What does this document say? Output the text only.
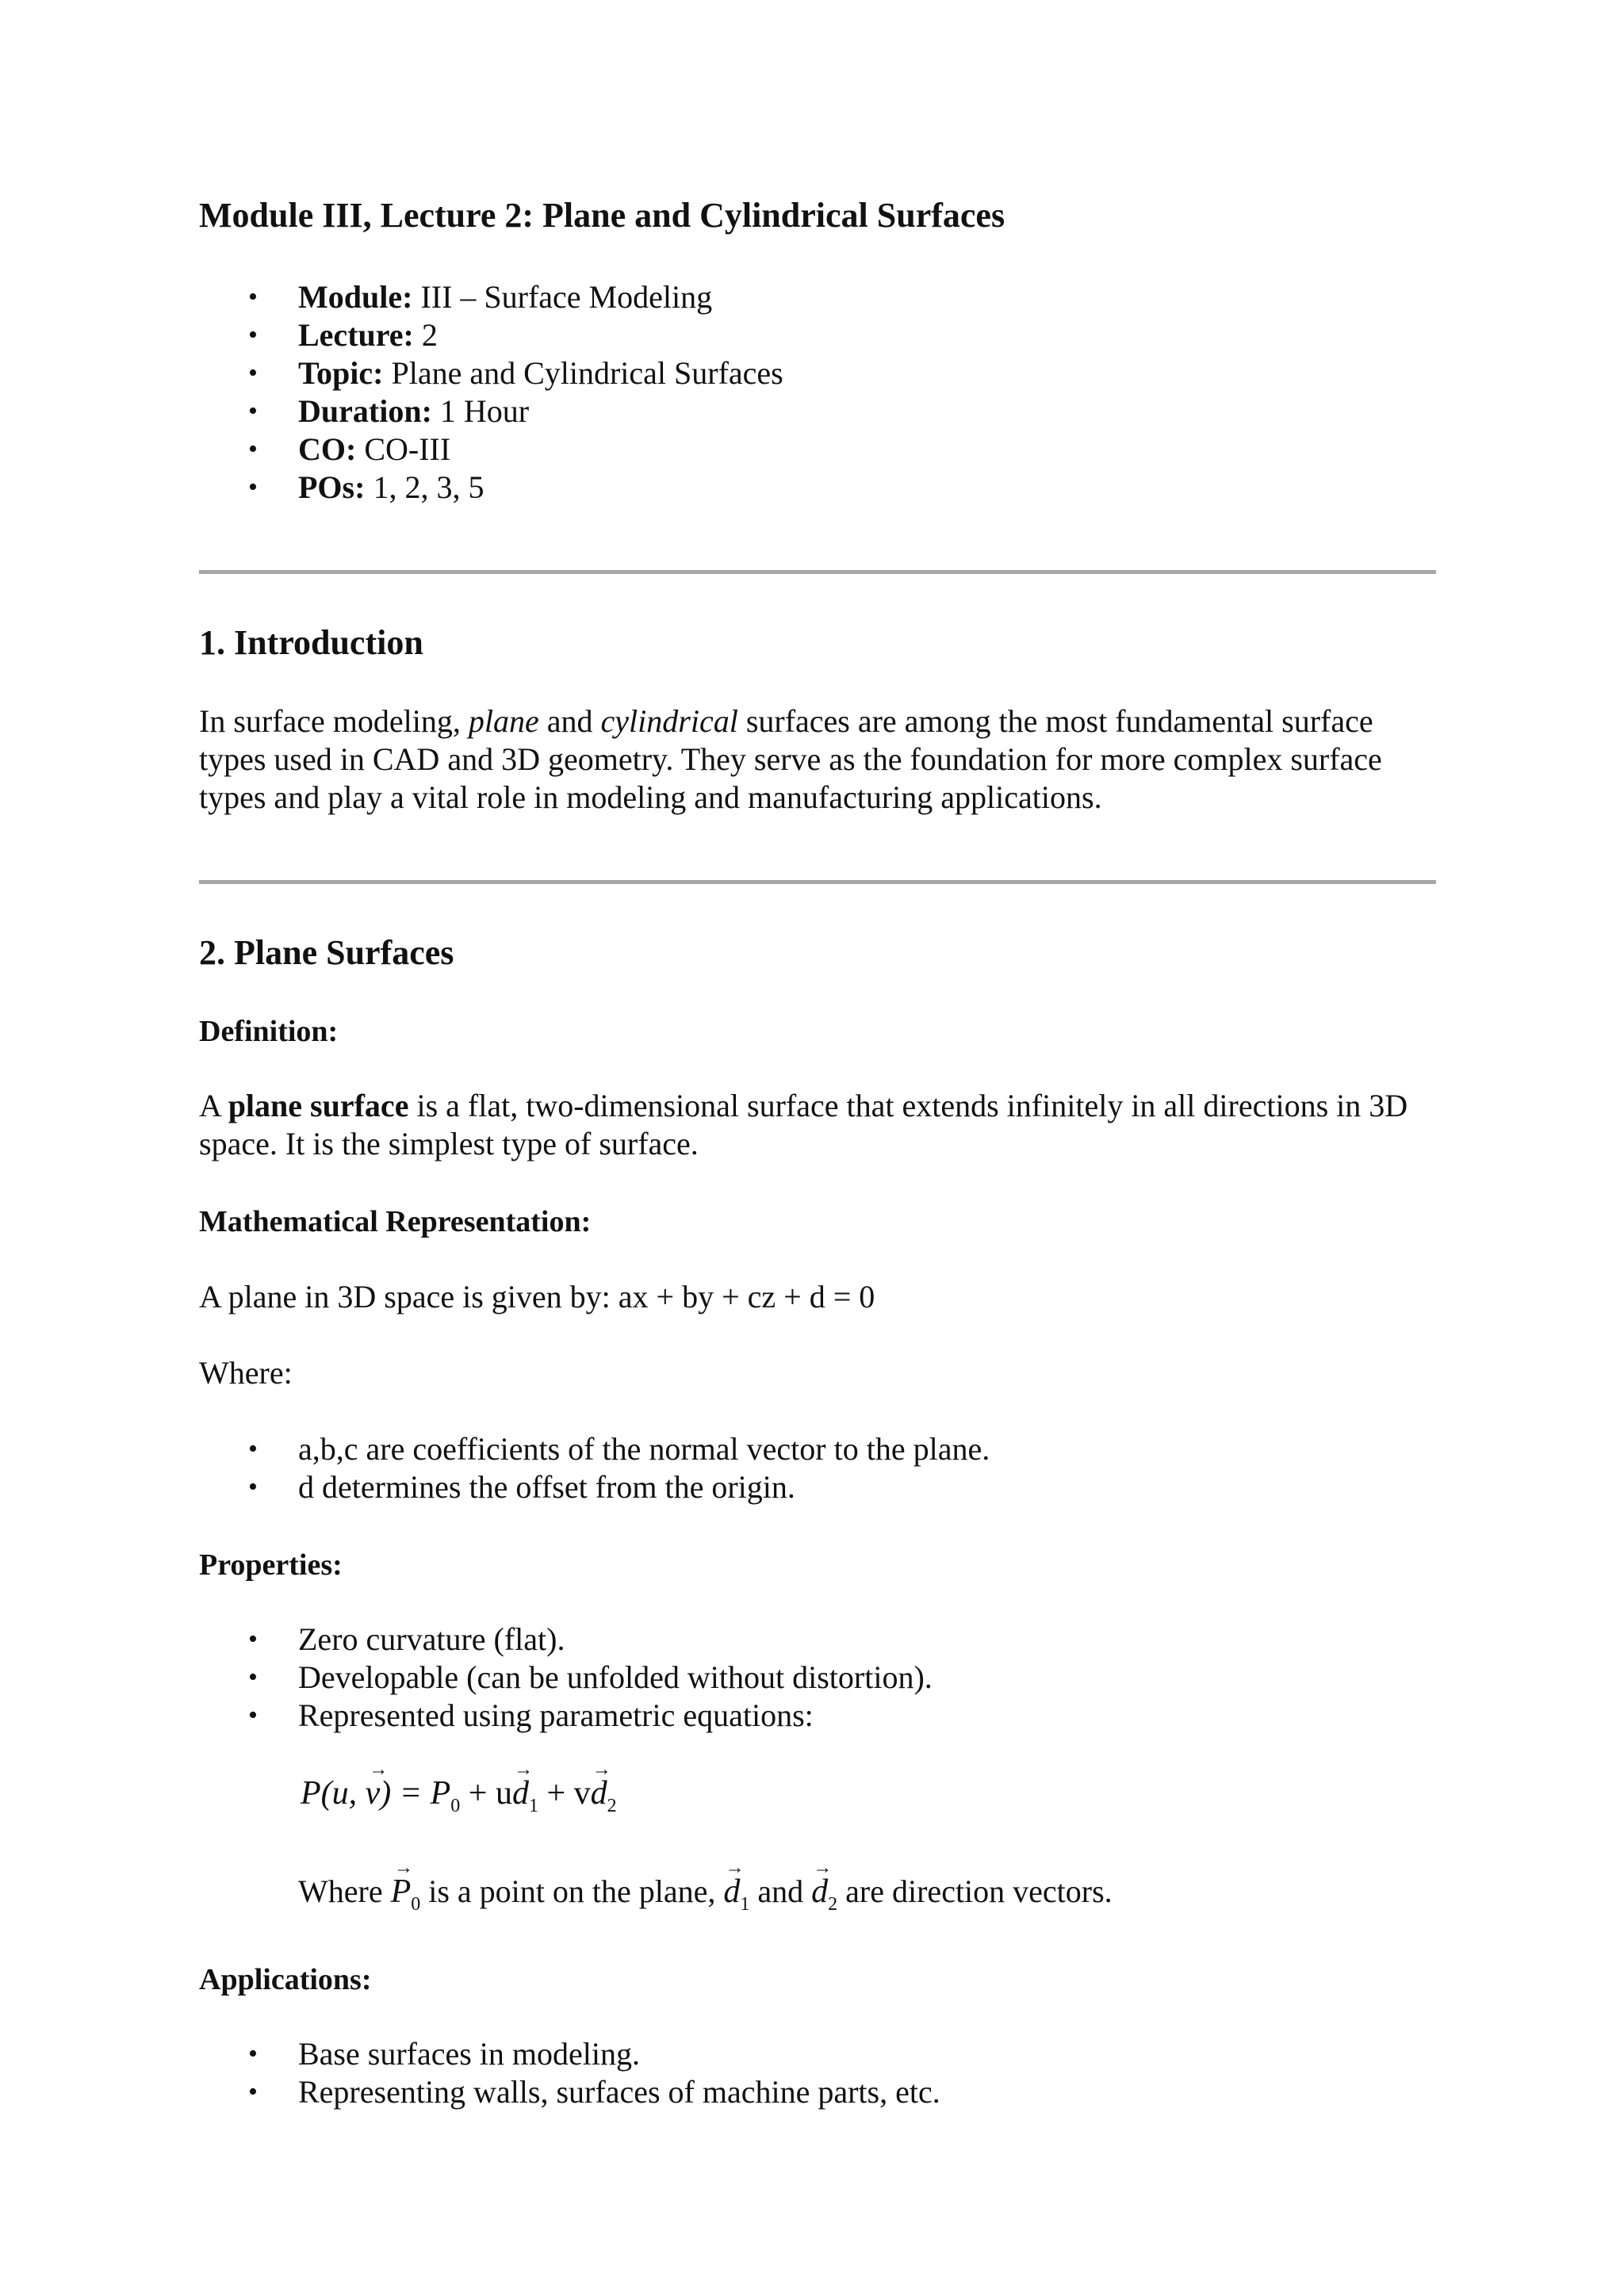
Module III, Lecture 2: Plane and Cylindrical Surfaces
• Module: III – Surface Modeling
• Lecture: 2
• Topic: Plane and Cylindrical Surfaces
• Duration: 1 Hour
• CO: CO-III
• POs: 1, 2, 3, 5
1. Introduction

In surface modeling, plane and cylindrical surfaces are among the most fundamental surface types used in CAD and 3D geometry. They serve as the foundation for more complex surface types and play a vital role in modeling and manufacturing applications.

2. Plane Surfaces
Definition:

A plane surface is a flat, two-dimensional surface that extends infinitely in all directions in 3D space. It is the simplest type of surface.

Mathematical Representation:

A plane in 3D space is given by: ax + by + cz + d = 0

Where:

• a,b,c are coefficients of the normal vector to the plane.
• d determines the offset from the origin.
Properties:
• Zero curvature (flat).
• Developable (can be unfolded without distortion).
• Represented using parametric equations:
→
P(u, $v) = P_0 + u$
→
$d_1 + v$
→
$d_2$
Where
→
$P_0$ is a point on the plane,
→
$d_1$ and
→
$d_2$ are direction vectors.
Applications:
• Base surfaces in modeling.
• Representing walls, surfaces of machine parts, etc.
